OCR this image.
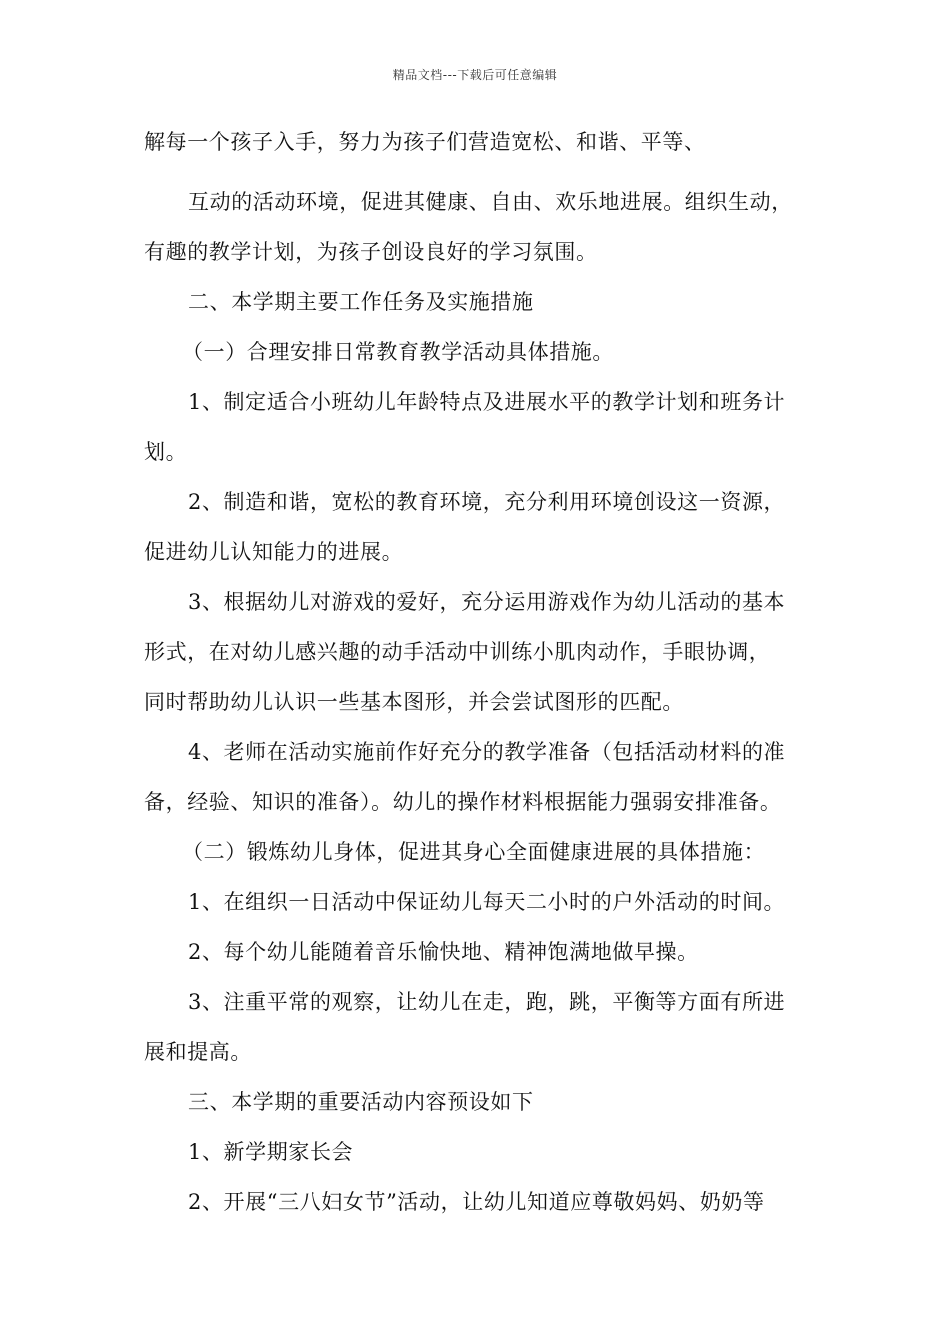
精品文档---下载后可任意编辑
解每一个孩子入手，努力为孩子们营造宽松、和谐、平等、
互动的活动环境，促进其健康、自由、欢乐地进展。组织生动，
有趣的教学计划，为孩子创设良好的学习氛围。
二、本学期主要工作任务及实施措施
（一）合理安排日常教育教学活动具体措施。
1、制定适合小班幼儿年龄特点及进展水平的教学计划和班务计
划。
2、制造和谐，宽松的教育环境，充分利用环境创设这一资源，
促进幼儿认知能力的进展。
3、根据幼儿对游戏的爱好，充分运用游戏作为幼儿活动的基本
形式，在对幼儿感兴趣的动手活动中训练小肌肉动作，手眼协调，
同时帮助幼儿认识一些基本图形，并会尝试图形的匹配。
4、老师在活动实施前作好充分的教学准备（包括活动材料的准
备，经验、知识的准备）。幼儿的操作材料根据能力强弱安排准备。
（二）锻炼幼儿身体，促进其身心全面健康进展的具体措施：
1、在组织一日活动中保证幼儿每天二小时的户外活动的时间。
2、每个幼儿能随着音乐愉快地、精神饱满地做早操。
3、注重平常的观察，让幼儿在走，跑，跳，平衡等方面有所进
展和提高。
三、本学期的重要活动内容预设如下
1、新学期家长会
2、开展“三八妇女节”活动，让幼儿知道应尊敬妈妈、奶奶等
